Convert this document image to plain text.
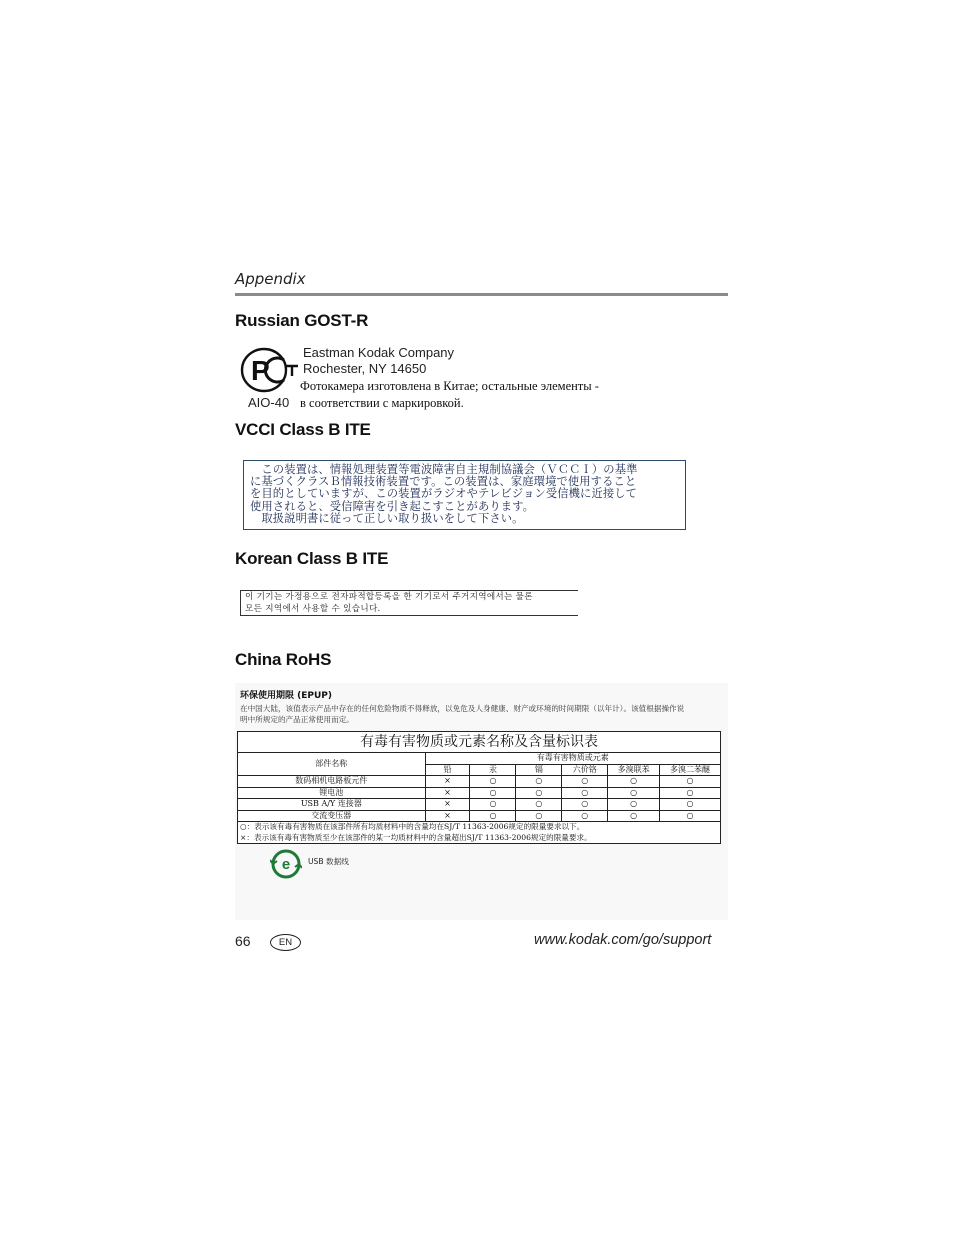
Appendix
Russian GOST-R
P
AIO-40
Eastman Kodak Company
Rochester, NY 14650
Фотокамера изготовлена в Китае; остальные элементы -
в соответствии с маркировкой.
VCCI Class B ITE
　この装置は、情報処理装置等電波障害自主規制協議会（ＶＣＣＩ）の基準
に基づくクラスＢ情報技術装置です。この装置は、家庭環境で使用すること
を目的としていますが、この装置がラジオやテレビジョン受信機に近接して
使用されると、受信障害を引き起こすことがあります。
　取扱説明書に従って正しい取り扱いをして下さい。
Korean Class B ITE
이 기기는 가정용으로 전자파적합등록을 한 기기로서 주거지역에서는 물론
모든 지역에서 사용할 수 있습니다.
China RoHS
环保使用期限 (EPUP)
在中国大陆，该值表示产品中存在的任何危险物质不得释放，以免危及人身健康、财产或环境的时间期限（以年计）。该值根据操作说
明中所规定的产品正常使用而定。
有毒有害物质或元素名称及含量标识表						
部件名称	有毒有害物质或元素					
	铅	汞	镉	六价铬	多溴联苯	多溴二苯醚
数码相机电路板元件	×	○	○	○	○	○
锂电池	×	○	○	○	○	○
USB A/Y 连接器	×	○	○	○	○	○
交流变压器	×	○	○	○	○	○
○：表示该有毒有害物质在该部件所有均质材料中的含量均在SJ/T 11363-2006规定的限量要求以下。						
×：表示该有毒有害物质至少在该部件的某一均质材料中的含量超出SJ/T 11363-2006规定的限量要求。						
e USB 数据线
66	EN	www.kodak.com/go/support
